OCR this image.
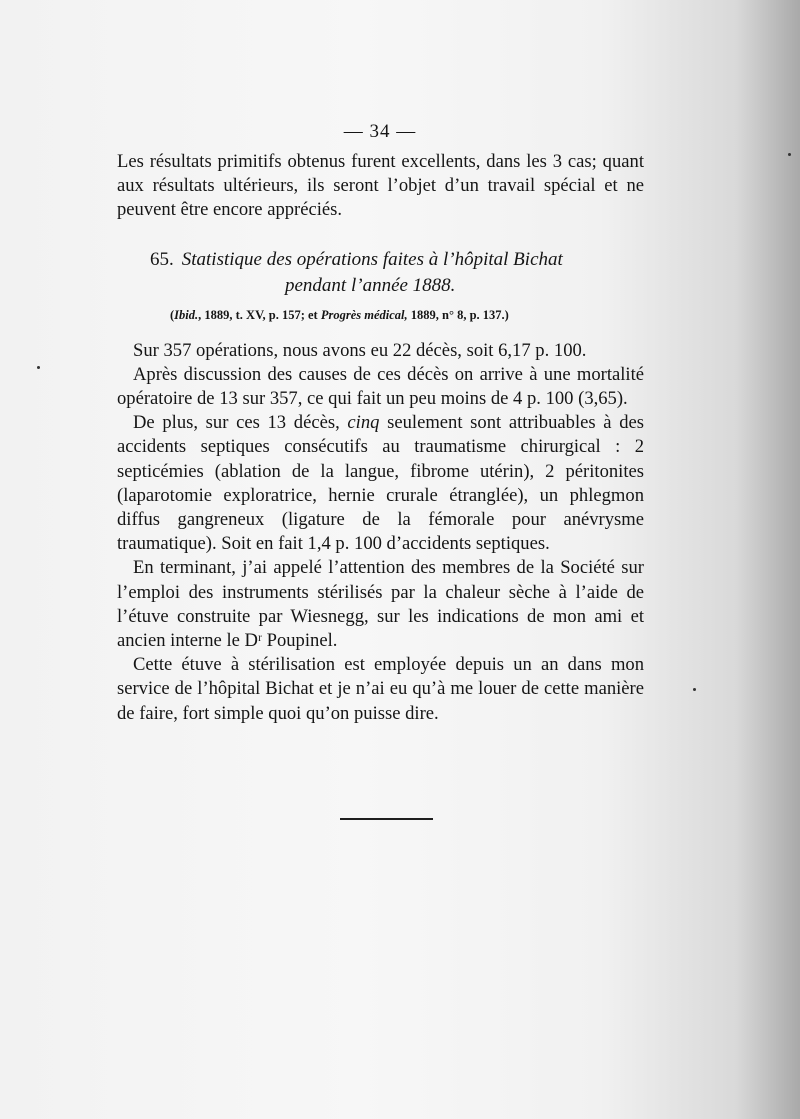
— 34 —

Les résultats primitifs obtenus furent excellents, dans les 3 cas; quant aux résultats ultérieurs, ils seront l’objet d’un travail spécial et ne peuvent être encore appréciés.

65. Statistique des opérations faites à l’hôpital Bichat
pendant l’année 1888.
(Ibid., 1889, t. XV, p. 157; et Progrès médical, 1889, n° 8, p. 137.)

Sur 357 opérations, nous avons eu 22 décès, soit 6,17 p. 100.

Après discussion des causes de ces décès on arrive à une mortalité opératoire de 13 sur 357, ce qui fait un peu moins de 4 p. 100 (3,65).

De plus, sur ces 13 décès, cinq seulement sont attribuables à des accidents septiques consécutifs au traumatisme chirurgical : 2 septicémies (ablation de la langue, fibrome utérin), 2 péritonites (laparotomie exploratrice, hernie crurale étranglée), un phlegmon diffus gangreneux (ligature de la fémorale pour anévrysme traumatique). Soit en fait 1,4 p. 100 d’accidents septiques.

En terminant, j’ai appelé l’attention des membres de la Société sur l’emploi des instruments stérilisés par la chaleur sèche à l’aide de l’étuve construite par Wiesnegg, sur les indications de mon ami et ancien interne le Dʳ Poupinel.

Cette étuve à stérilisation est employée depuis un an dans mon service de l’hôpital Bichat et je n’ai eu qu’à me louer de cette manière de faire, fort simple quoi qu’on puisse dire.
